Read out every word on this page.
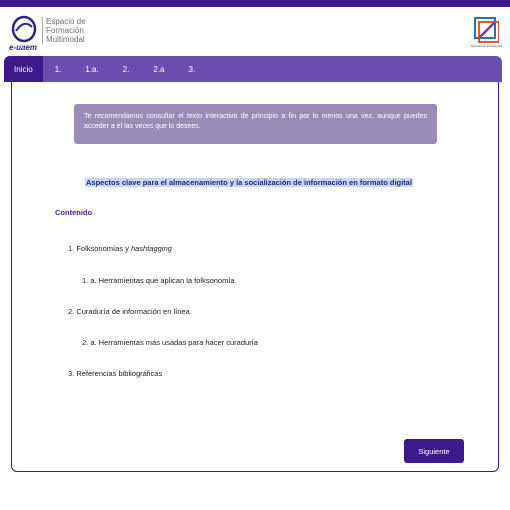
e-uaem
Espacio de
Formación
Multimodal
Transversal Profesional
Inicio	1.	1.a.	2.	2.a	3.
Te recomendamos consultar el texto interactivo de principio a fin por lo menos una vez, aunque puedes acceder a él las veces que lo desees.
Aspectos clave para el almacenamiento y la socialización de información en formato digital
Contenido
1. Folksonomías y hashtagging
1. a. Herramientas que aplican la folksonomía
2. Curaduría de información en línea
2. a. Herramientas más usadas para hacer curaduría
3. Referencias bibliográficas
Siguiente
